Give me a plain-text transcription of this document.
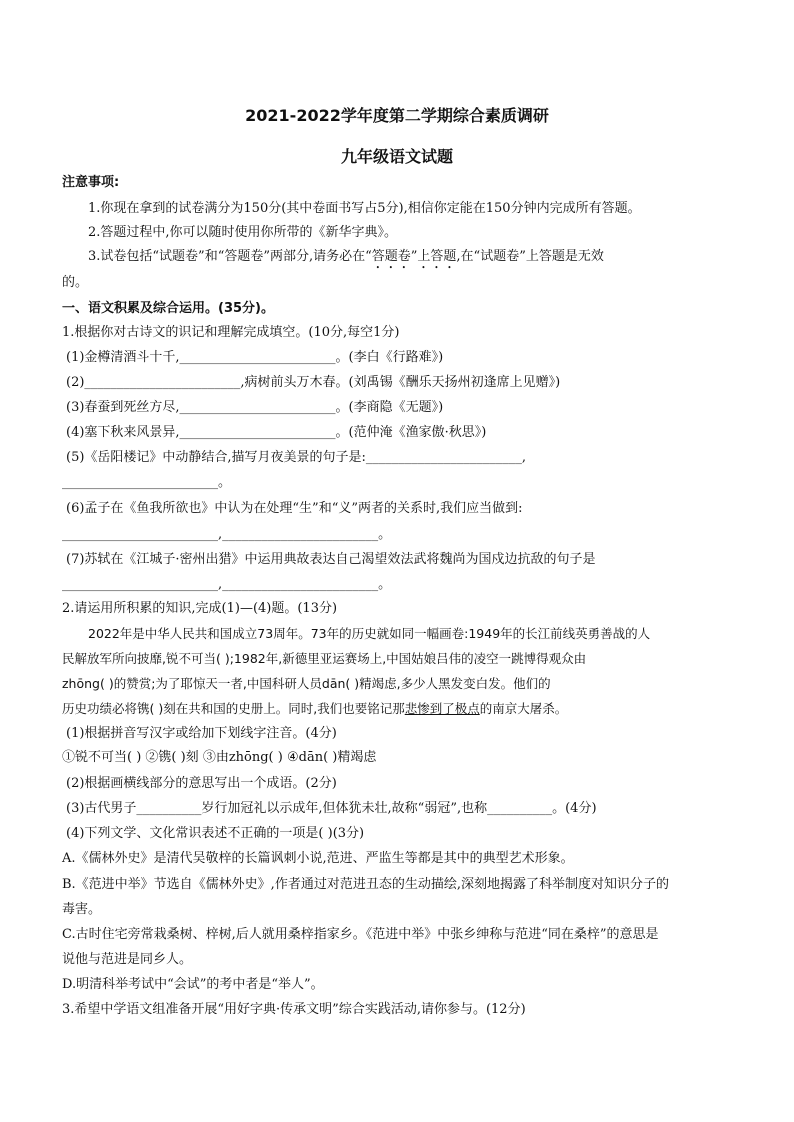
2021-2022学年度第二学期综合素质调研
九年级语文试题
注意事项:
1.你现在拿到的试卷满分为150分(其中卷面书写占5分),相信你定能在150分钟内完成所有答题。
2.答题过程中,你可以随时使用你所带的《新华字典》。
3.试卷包括“试题卷”和“答题卷”两部分,请务必在“答题卷”上答题,在“试题卷”上答题是无效
的。
一、语文积累及综合运用。(35分)。
1.根据你对古诗文的识记和理解完成填空。(10分,每空1分)
(1)金樽清酒斗十千,________________________。(李白《行路难》)
(2)________________________,病树前头万木春。(刘禹锡《酬乐天扬州初逢席上见赠》)
(3)春蚕到死丝方尽,________________________。(李商隐《无题》)
(4)塞下秋来风景异,________________________。(范仲淹《渔家傲·秋思》)
(5)《岳阳楼记》中动静结合,描写月夜美景的句子是:________________________,
________________________。
(6)孟子在《鱼我所欲也》中认为在处理“生”和“义”两者的关系时,我们应当做到:
________________________,________________________。
(7)苏轼在《江城子·密州出猎》中运用典故表达自己渴望效法武将魏尚为国戍边抗敌的句子是
________________________,________________________。
2.请运用所积累的知识,完成(1)—(4)题。(13分)
2022年是中华人民共和国成立73周年。73年的历史就如同一幅画卷:1949年的长江前线英勇善战的人
民解放军所向披靡,锐不可当( );1982年,新德里亚运赛场上,中国姑娘吕伟的凌空一跳博得观众由
zhōng( )的赞赏;为了耶惊天一者,中国科研人员dān( )精竭虑,多少人黑发变白发。他们的
历史功绩必将镌( )刻在共和国的史册上。同时,我们也要铭记那悲惨到了极点的南京大屠杀。
(1)根据拼音写汉字或给加下划线字注音。(4分)
①锐不可当( ) ②镌( )刻 ③由zhōng( ) ④dān( )精竭虑
(2)根据画横线部分的意思写出一个成语。(2分)
(3)古代男子__________岁行加冠礼以示成年,但体犹未壮,故称“弱冠”,也称__________。(4分)
(4)下列文学、文化常识表述不正确的一项是( )(3分)
A.《儒林外史》是清代吴敬梓的长篇讽刺小说,范进、严监生等都是其中的典型艺术形象。
B.《范进中举》节选自《儒林外史》,作者通过对范进丑态的生动描绘,深刻地揭露了科举制度对知识分子的
毒害。
C.古时住宅旁常栽桑树、梓树,后人就用桑梓指家乡。《范进中举》中张乡绅称与范进“同在桑梓”的意思是
说他与范进是同乡人。
D.明清科举考试中“会试”的考中者是“举人”。
3.希望中学语文组准备开展“用好字典·传承文明”综合实践活动,请你参与。(12分)
